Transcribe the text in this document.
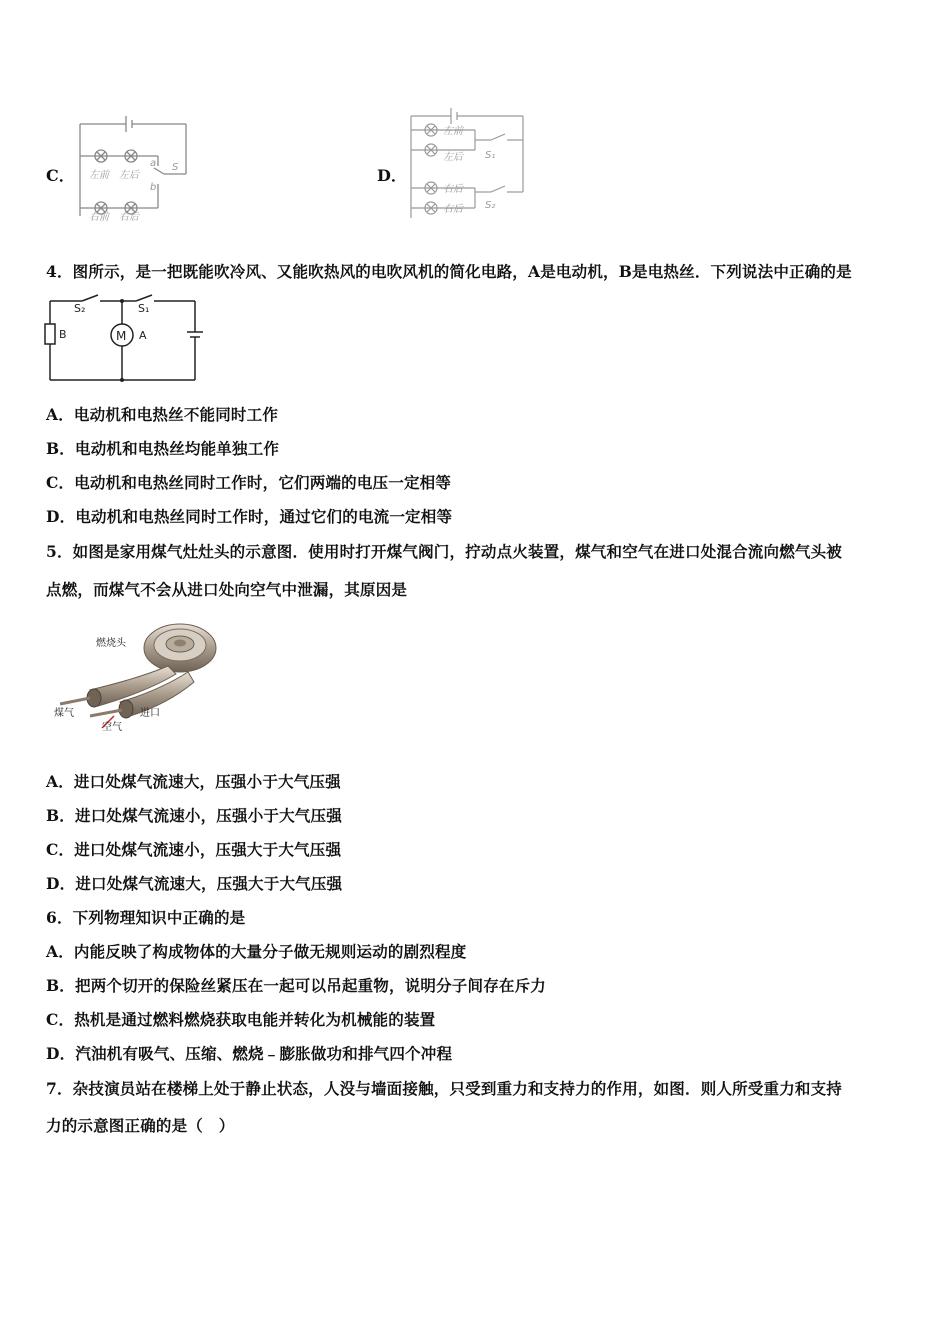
C． 左前 左后
右前 右后
a
b
S	D．
左前
左后
右后
右后
S₁
S₂
4．图所示，是一把既能吹冷风、又能吹热风的电吹风机的简化电路，A是电动机，B是电热丝．下列说法中正确的是
S₂	S₁
B	M A
A．电动机和电热丝不能同时工作
B．电动机和电热丝均能单独工作
C．电动机和电热丝同时工作时，它们两端的电压一定相等
D．电动机和电热丝同时工作时，通过它们的电流一定相等
5．如图是家用煤气灶灶头的示意图．使用时打开煤气阀门，拧动点火装置，煤气和空气在进口处混合流向燃气头被
点燃，而煤气不会从进口处向空气中泄漏，其原因是
燃烧头
煤气
空气
进口
A．进口处煤气流速大，压强小于大气压强
B．进口处煤气流速小，压强小于大气压强
C．进口处煤气流速小，压强大于大气压强
D．进口处煤气流速大，压强大于大气压强
6．下列物理知识中正确的是
A．内能反映了构成物体的大量分子做无规则运动的剧烈程度
B．把两个切开的保险丝紧压在一起可以吊起重物，说明分子间存在斥力
C．热机是通过燃料燃烧获取电能并转化为机械能的装置
D．汽油机有吸气、压缩、燃烧﹣膨胀做功和排气四个冲程
7．杂技演员站在楼梯上处于静止状态，人没与墙面接触，只受到重力和支持力的作用，如图．则人所受重力和支持
力的示意图正确的是（　）
